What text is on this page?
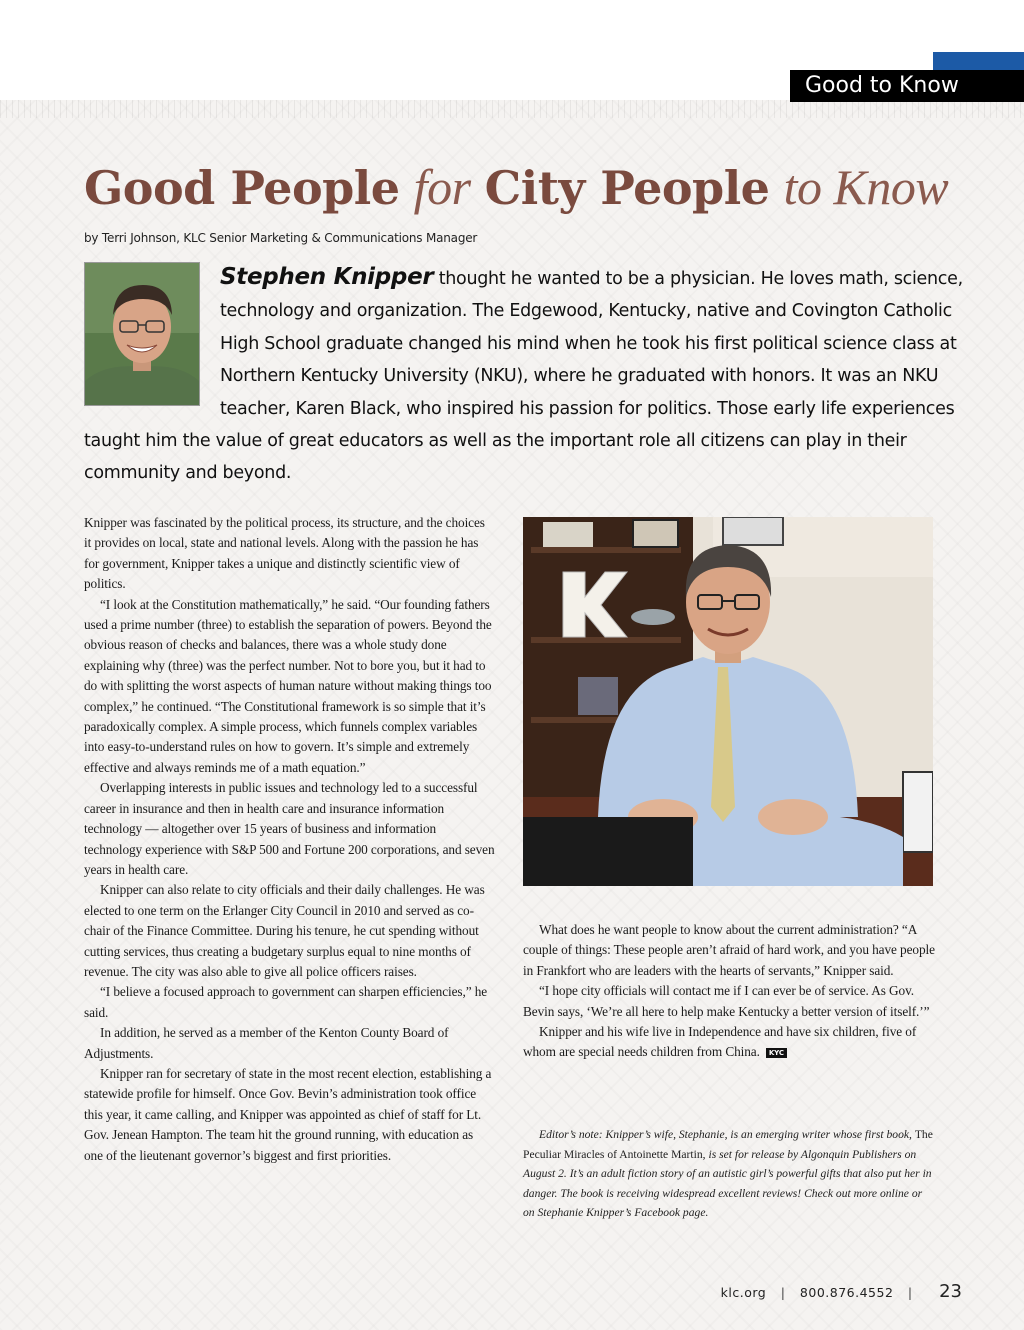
Good to Know
Good People for City People to Know
by Terri Johnson, KLC Senior Marketing & Communications Manager
Stephen Knipper thought he wanted to be a physician. He loves math, science, technology and organization. The Edgewood, Kentucky, native and Covington Catholic High School graduate changed his mind when he took his first political science class at Northern Kentucky University (NKU), where he graduated with honors. It was an NKU teacher, Karen Black, who inspired his passion for politics. Those early life experiences taught him the value of great educators as well as the important role all citizens can play in their community and beyond.

Knipper was fascinated by the political process, its structure, and the choices it provides on local, state and national levels. Along with the passion he has for government, Knipper takes a unique and distinctly scientific view of politics.

“I look at the Constitution mathematically,” he said. “Our founding fathers used a prime number (three) to establish the separation of powers. Beyond the obvious reason of checks and balances, there was a whole study done explaining why (three) was the perfect number. Not to bore you, but it had to do with splitting the worst aspects of human nature without making things too complex,” he continued. “The Constitutional framework is so simple that it’s paradoxically complex. A simple process, which funnels complex variables into easy-to-understand rules on how to govern. It’s simple and extremely effective and always reminds me of a math equation.”

Overlapping interests in public issues and technology led to a successful career in insurance and then in health care and insurance information technology — altogether over 15 years of business and information technology experience with S&P 500 and Fortune 200 corporations, and seven years in health care.

Knipper can also relate to city officials and their daily challenges. He was elected to one term on the Erlanger City Council in 2010 and served as co-chair of the Finance Committee. During his tenure, he cut spending without cutting services, thus creating a budgetary surplus equal to nine months of revenue. The city was also able to give all police officers raises.

“I believe a focused approach to government can sharpen efficiencies,” he said.

In addition, he served as a member of the Kenton County Board of Adjustments.

Knipper ran for secretary of state in the most recent election, establishing a statewide profile for himself. Once Gov. Bevin’s administration took office this year, it came calling, and Knipper was appointed as chief of staff for Lt. Gov. Jenean Hampton. The team hit the ground running, with education as one of the lieutenant governor’s biggest and first priorities.

What does he want people to know about the current administration? “A couple of things: These people aren’t afraid of hard work, and you have people in Frankfort who are leaders with the hearts of servants,” Knipper said.

“I hope city officials will contact me if I can ever be of service. As Gov. Bevin says, ‘We’re all here to help make Kentucky a better version of itself.’”

Knipper and his wife live in Independence and have six children, five of whom are special needs children from China. KYC

Editor’s note: Knipper’s wife, Stephanie, is an emerging writer whose first book, The Peculiar Miracles of Antoinette Martin, is set for release by Algonquin Publishers on August 2. It’s an adult fiction story of an autistic girl’s powerful gifts that also put her in danger. The book is receiving widespread excellent reviews! Check out more online or on Stephanie Knipper’s Facebook page.

klc.org | 800.876.4552 | 23
